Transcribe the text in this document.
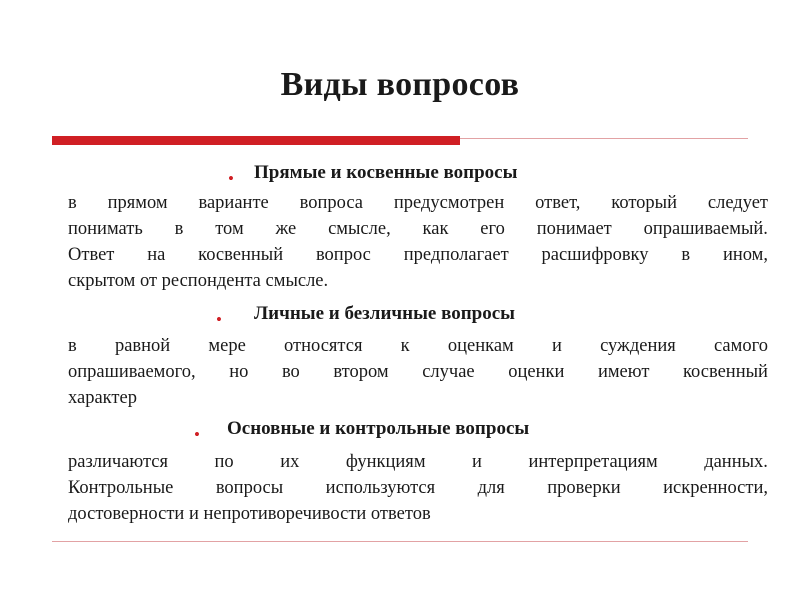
Виды вопросов
• Прямые и косвенные вопросы
в прямом варианте вопроса предусмотрен ответ, который следует
понимать в том же смысле, как его понимает опрашиваемый.
Ответ на косвенный вопрос предполагает расшифровку в ином,
скрытом от респондента смысле.
• Личные и безличные вопросы
в равной мере относятся к оценкам и суждения самого
опрашиваемого, но во втором случае оценки имеют косвенный
характер
• Основные и контрольные вопросы
различаются	по	их	функциям	и	интерпретациям	данных.
Контрольные вопросы используются для проверки искренности,
достоверности и непротиворечивости ответов
